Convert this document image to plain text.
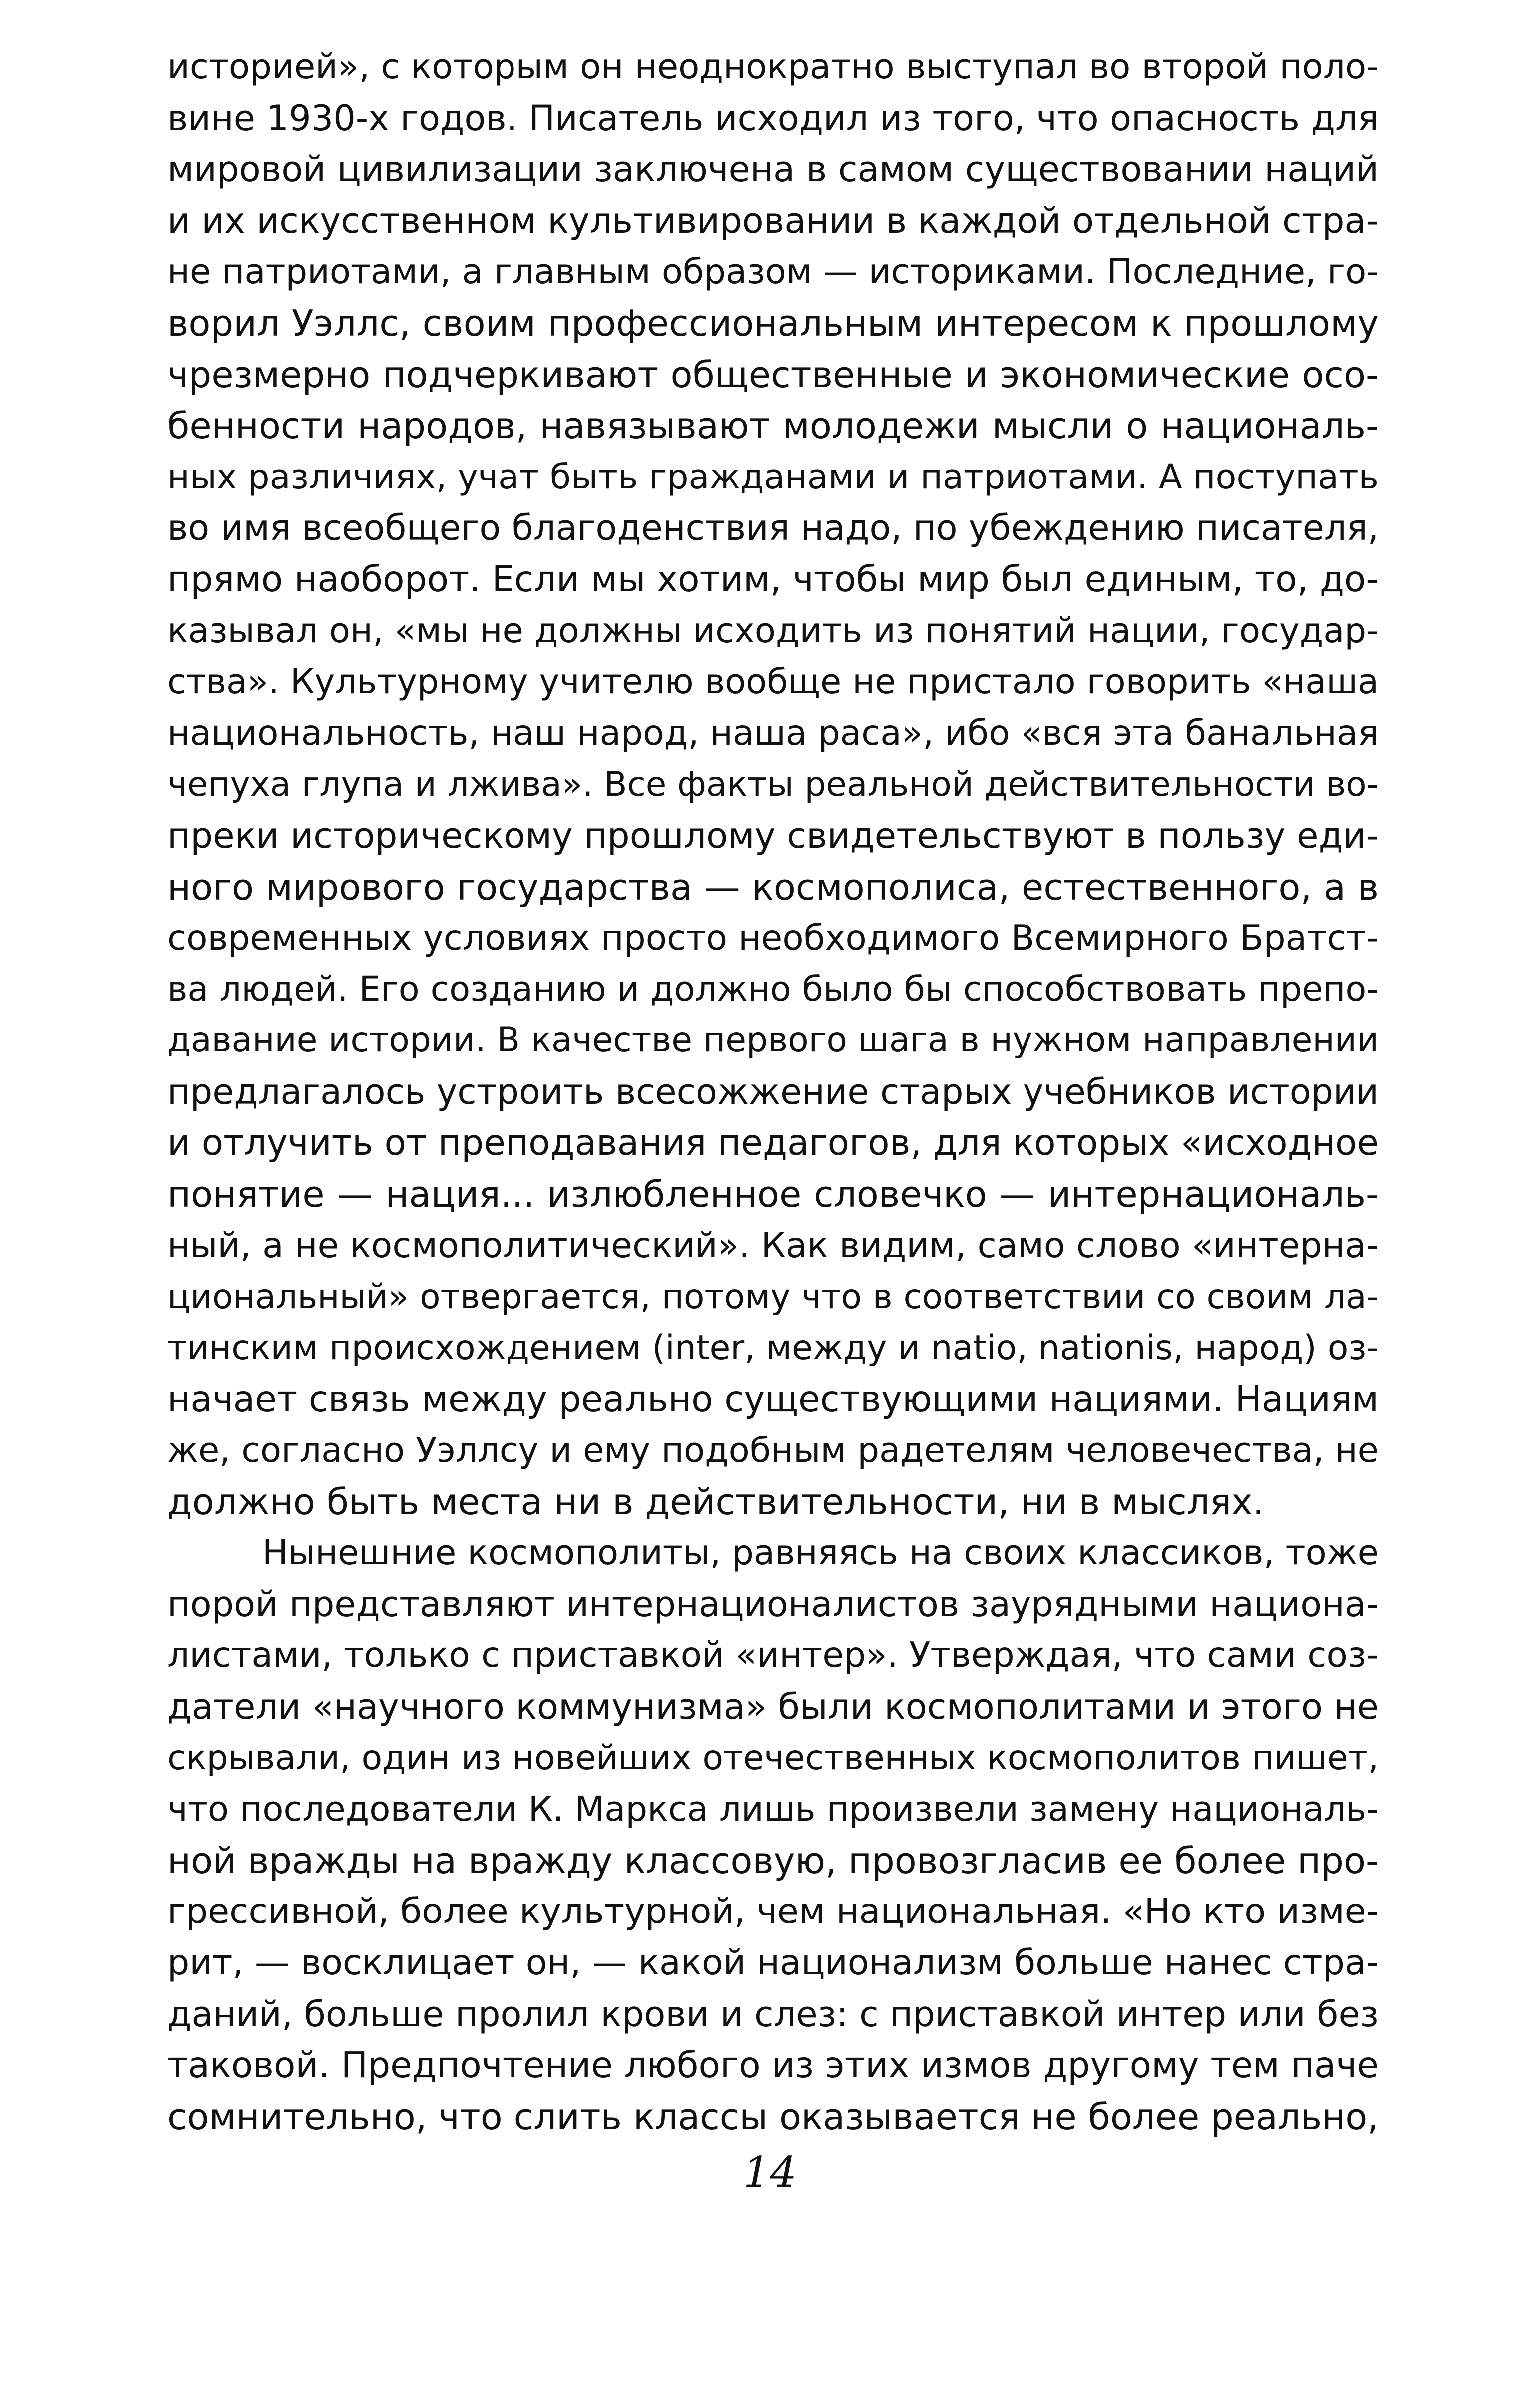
историей», с которым он неоднократно выступал во второй поло-
вине 1930-х годов. Писатель исходил из того, что опасность для
мировой цивилизации заключена в самом существовании наций
и их искусственном культивировании в каждой отдельной стра-
не патриотами, а главным образом — историками. Последние, го-
ворил Уэллс, своим профессиональным интересом к прошлому
чрезмерно подчеркивают общественные и экономические осо-
бенности народов, навязывают молодежи мысли о националь-
ных различиях, учат быть гражданами и патриотами. А поступать
во имя всеобщего благоденствия надо, по убеждению писателя,
прямо наоборот. Если мы хотим, чтобы мир был единым, то, до-
казывал он, «мы не должны исходить из понятий нации, государ-
ства». Культурному учителю вообще не пристало говорить «наша
национальность, наш народ, наша раса», ибо «вся эта банальная
чепуха глупа и лжива». Все факты реальной действительности во-
преки историческому прошлому свидетельствуют в пользу еди-
ного мирового государства — космополиса, естественного, а в
современных условиях просто необходимого Всемирного Братст-
ва людей. Его созданию и должно было бы способствовать препо-
давание истории. В качестве первого шага в нужном направлении
предлагалось устроить всесожжение старых учебников истории
и отлучить от преподавания педагогов, для которых «исходное
понятие — нация... излюбленное словечко — интернациональ-
ный, а не космополитический». Как видим, само слово «интерна-
циональный» отвергается, потому что в соответствии со своим ла-
тинским происхождением (inter, между и natio, nationis, народ) оз-
начает связь между реально существующими нациями. Нациям
же, согласно Уэллсу и ему подобным радетелям человечества, не
должно быть места ни в действительности, ни в мыслях.
Нынешние космополиты, равняясь на своих классиков, тоже
порой представляют интернационалистов заурядными национа-
листами, только с приставкой «интер». Утверждая, что сами соз-
датели «научного коммунизма» были космополитами и этого не
скрывали, один из новейших отечественных космополитов пишет,
что последователи К. Маркса лишь произвели замену националь-
ной вражды на вражду классовую, провозгласив ее более про-
грессивной, более культурной, чем национальная. «Но кто изме-
рит, — восклицает он, — какой национализм больше нанес стра-
даний, больше пролил крови и слез: с приставкой интер или без
таковой. Предпочтение любого из этих измов другому тем паче
сомнительно, что слить классы оказывается не более реально,
14
